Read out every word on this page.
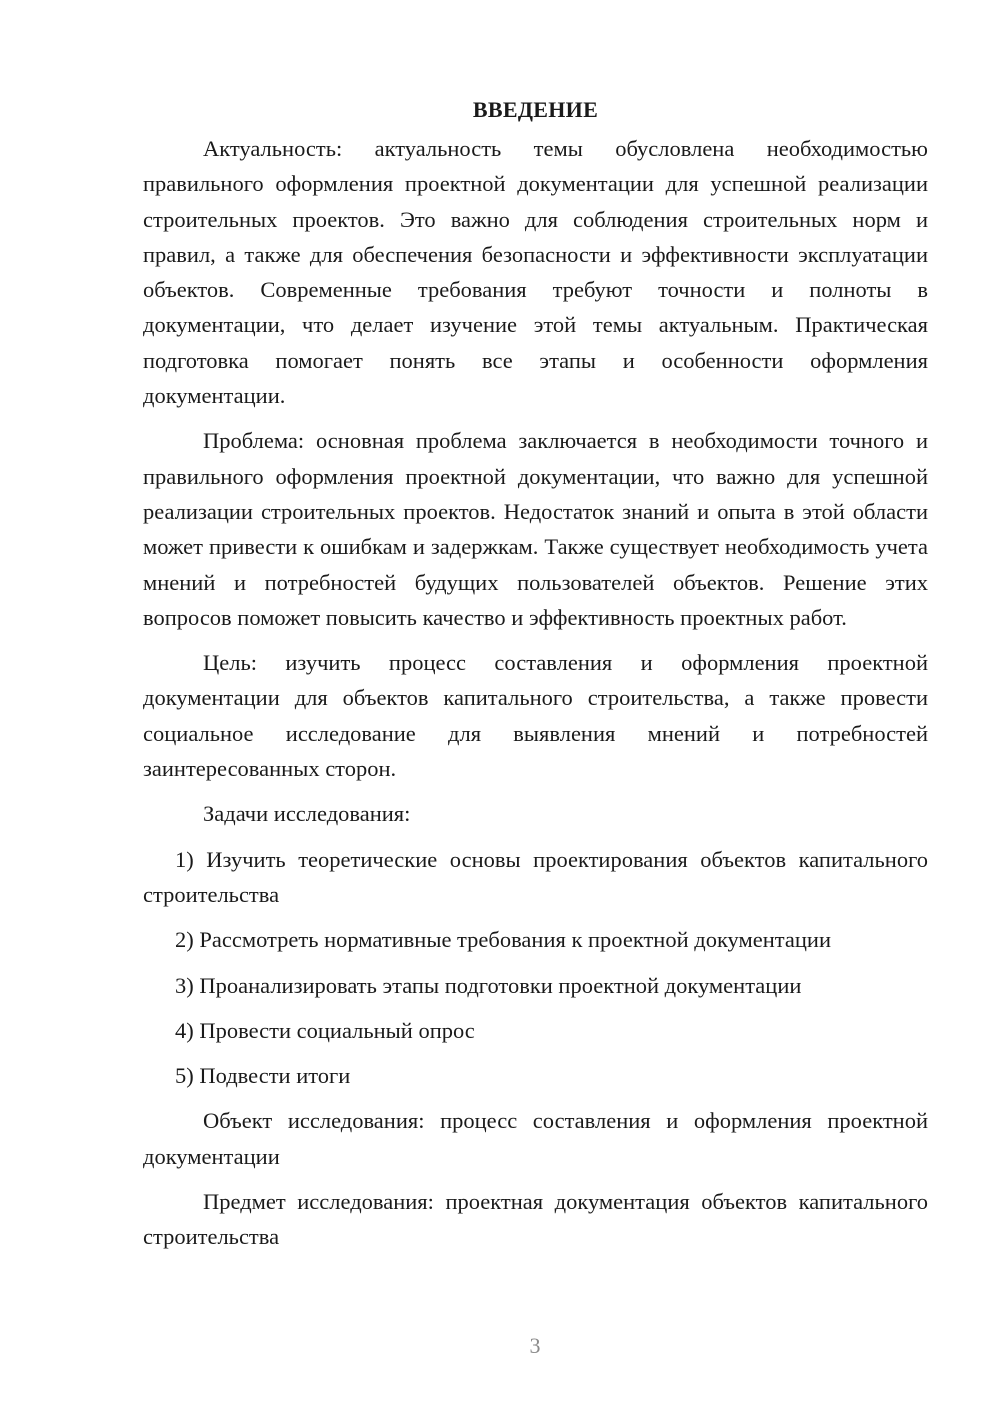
ВВЕДЕНИЕ

Актуальность: актуальность темы обусловлена необходимостью правильного оформления проектной документации для успешной реализации строительных проектов. Это важно для соблюдения строительных норм и правил, а также для обеспечения безопасности и эффективности эксплуатации объектов. Современные требования требуют точности и полноты в документации, что делает изучение этой темы актуальным. Практическая подготовка помогает понять все этапы и особенности оформления документации.

Проблема: основная проблема заключается в необходимости точного и правильного оформления проектной документации, что важно для успешной реализации строительных проектов. Недостаток знаний и опыта в этой области может привести к ошибкам и задержкам. Также существует необходимость учета мнений и потребностей будущих пользователей объектов. Решение этих вопросов поможет повысить качество и эффективность проектных работ.

Цель: изучить процесс составления и оформления проектной документации для объектов капитального строительства, а также провести социальное исследование для выявления мнений и потребностей заинтересованных сторон.

Задачи исследования:

1) Изучить теоретические основы проектирования объектов капитального строительства

2) Рассмотреть нормативные требования к проектной документации

3) Проанализировать этапы подготовки проектной документации

4) Провести социальный опрос

5) Подвести итоги

Объект исследования: процесс составления и оформления проектной документации

Предмет исследования: проектная документация объектов капитального строительства

3
